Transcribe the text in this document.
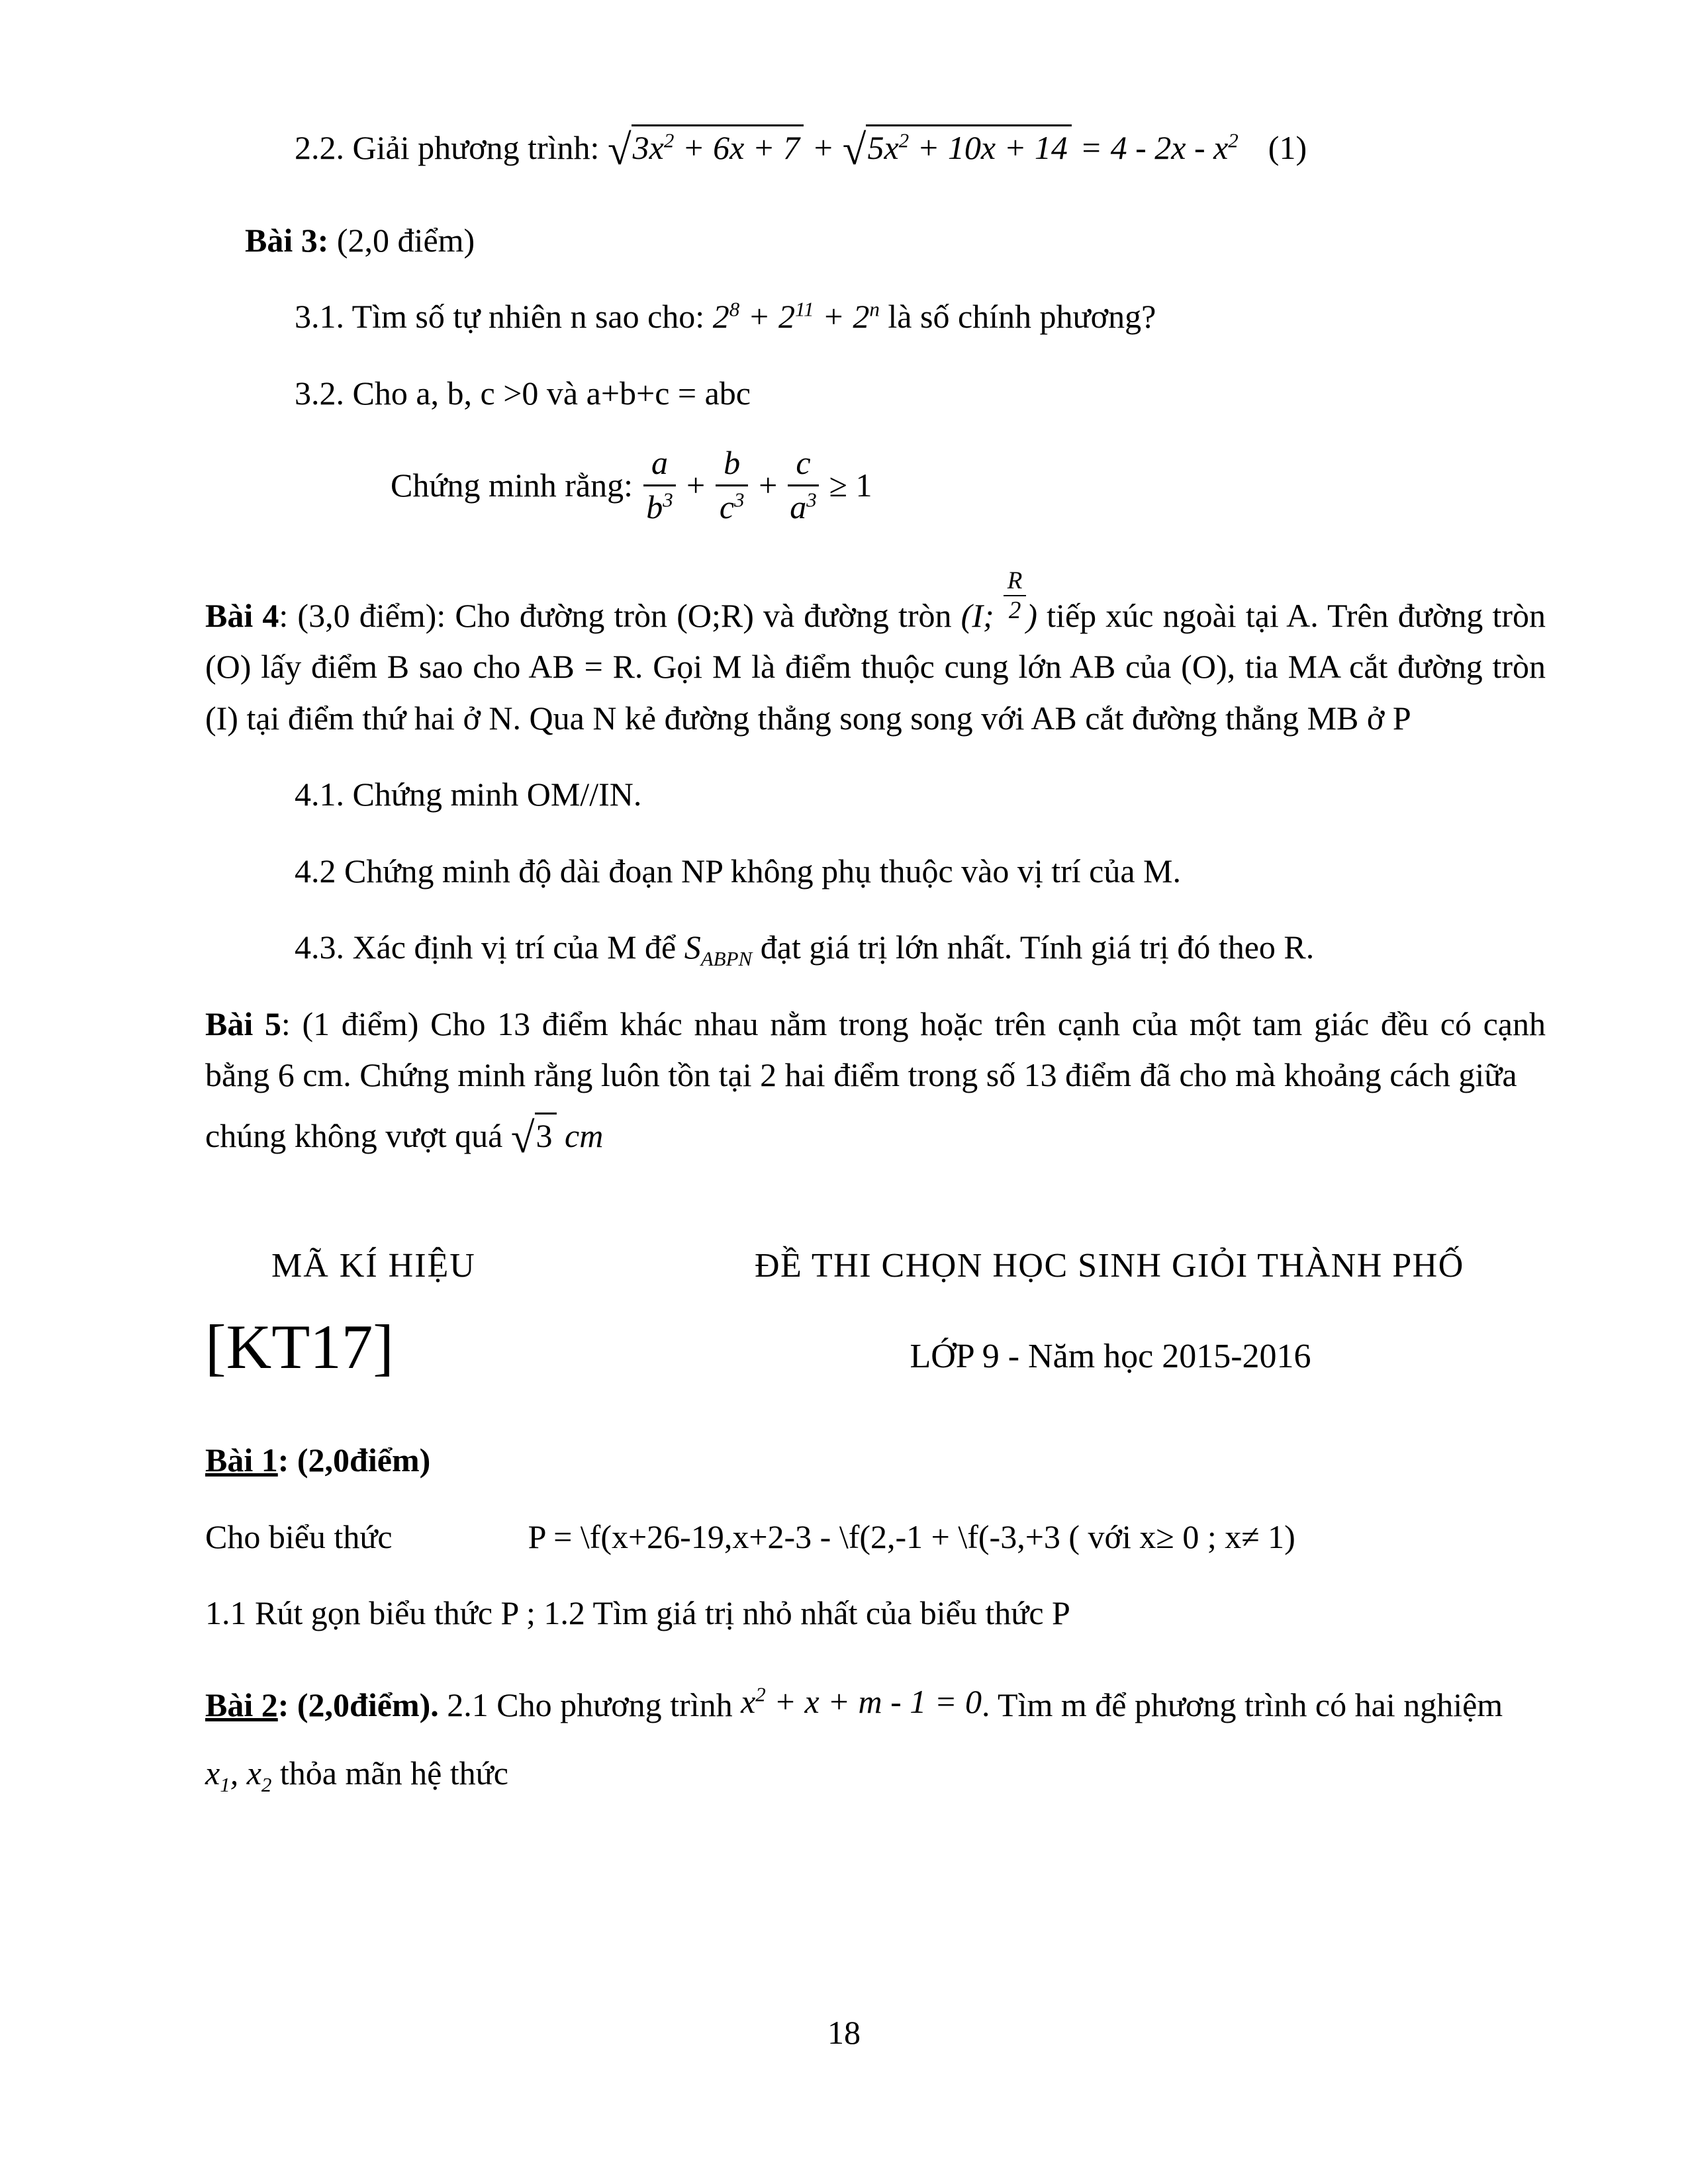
2.2. Giải phương trình: $√3x^2 + 6x + 7 + √5x^2 + 10x + 14 = 4 - 2x - x^2$ (1)

Bài 3: (2,0 điểm)

3.1. Tìm số tự nhiên n sao cho: $2^8 + 2^{11} + 2^n$ là số chính phương?

3.2. Cho a, b, c >0 và a+b+c = abc

Chứng minh rằng: $\frac{a}{b^3} + \frac{b}{c^3} + \frac{c}{a^3} \ge 1$

Bài 4: (3,0 điểm): Cho đường tròn (O;R) và đường tròn (I; $\frac{R}{2}$ ) tiếp xúc ngoài tại A. Trên đường tròn (O) lấy điểm B sao cho AB = R. Gọi M là điểm thuộc cung lớn AB của (O), tia MA cắt đường tròn (I) tại điểm thứ hai ở N. Qua N kẻ đường thẳng song song với AB cắt đường thẳng MB ở P

4.1. Chứng minh OM//IN.

4.2 Chứng minh độ dài đoạn NP không phụ thuộc vào vị trí của M.

4.3. Xác định vị trí của M để $S_{ABPN}$ đạt giá trị lớn nhất. Tính giá trị đó theo R.

Bài 5: (1 điểm) Cho 13 điểm khác nhau nằm trong hoặc trên cạnh của một tam giác đều có cạnh bằng 6 cm. Chứng minh rằng luôn tồn tại 2 hai điểm trong số 13 điểm đã cho mà khoảng cách giữa

chúng không vượt quá √3 cm

MÃ KÍ HIỆU
[KT17]
ĐỀ THI CHỌN HỌC SINH GIỎI THÀNH PHỐ
LỚP 9 - Năm học 2015-2016

Bài 1: (2,0điểm)

Cho biểu thức	P = \f(x+26-19,x+2-3 - \f(2,-1 + \f(-3,+3 ( với x≥ 0 ; x≠ 1)

1.1 Rút gọn biểu thức P ; 1.2 Tìm giá trị nhỏ nhất của biểu thức P

Bài 2: (2,0điểm). 2.1 Cho phương trình $x^2 + x + m - 1 = 0$. Tìm m để phương trình có hai nghiệm

$x_1$, $x_2$ thỏa mãn hệ thức

18
